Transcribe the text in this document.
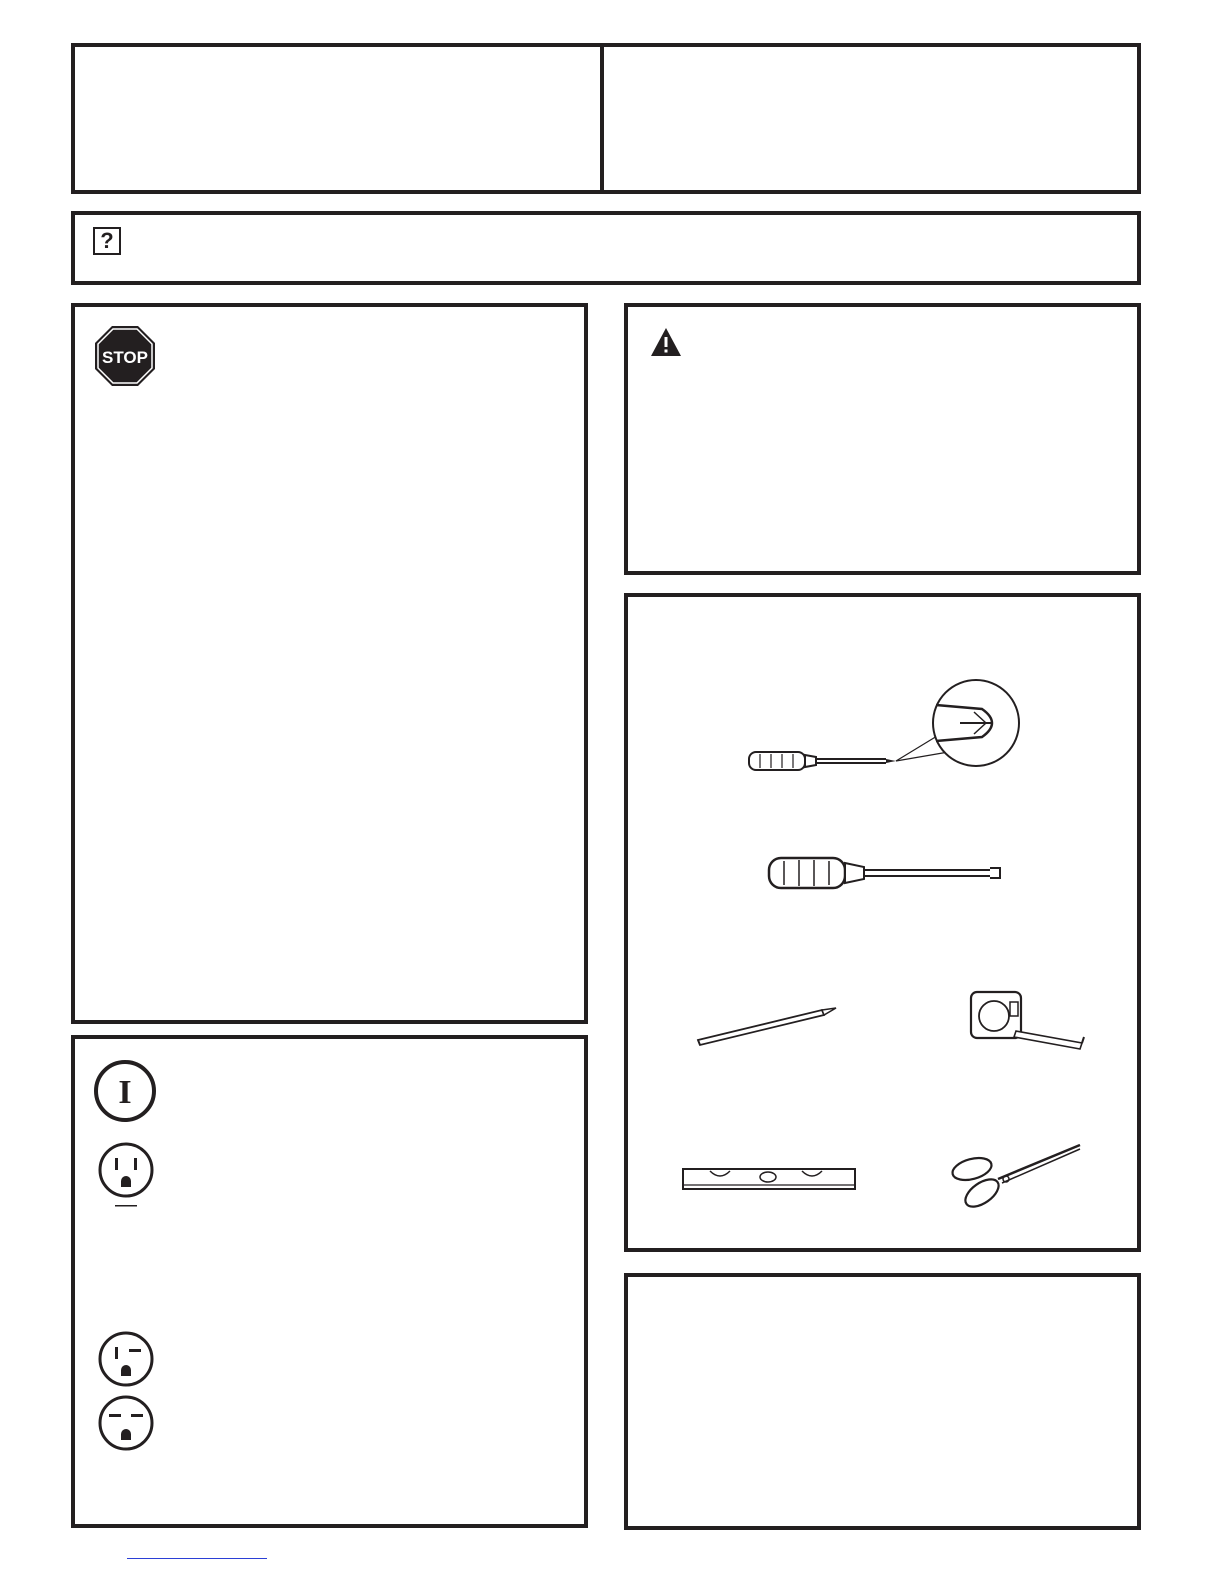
?
STOP
I
